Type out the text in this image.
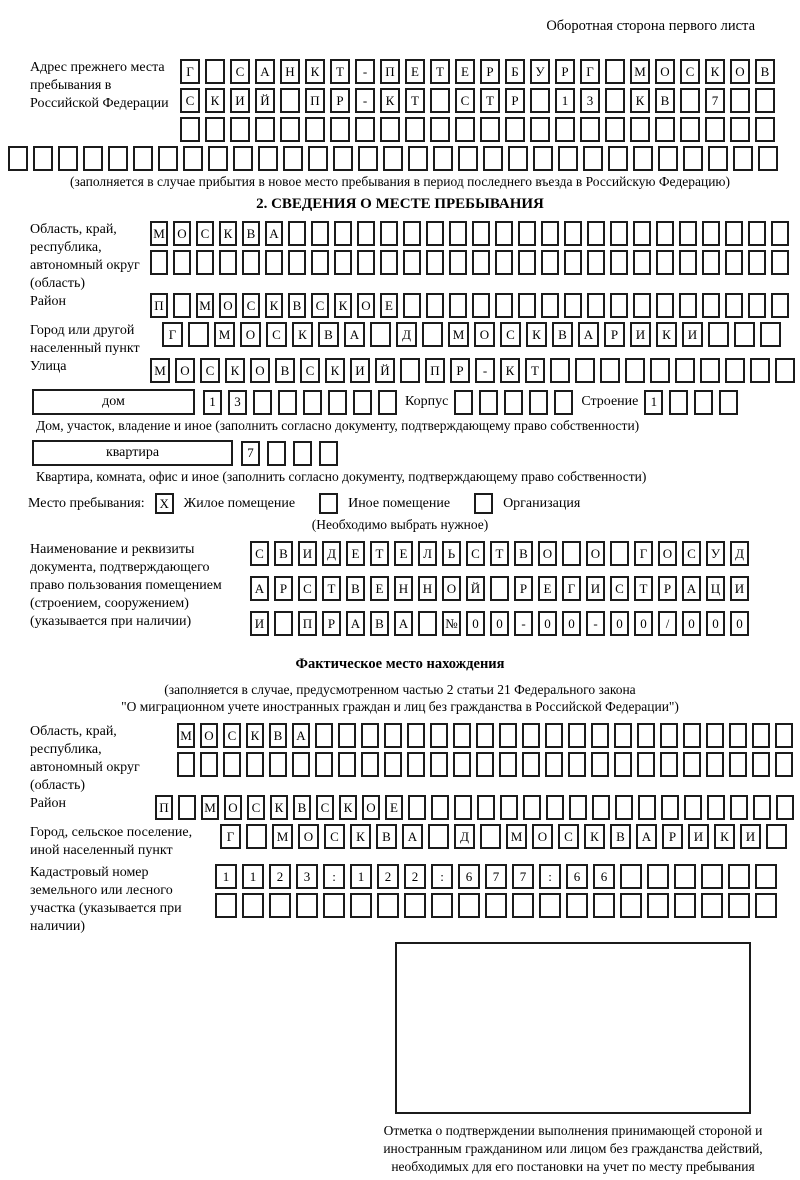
Оборотная сторона первого листа
Адрес прежнего места пребывания в Российской Федерации
Г	С	А	Н	К	Т	-	П	Е	Т	Е	Р	Б	У	Р	Г	М	О	С	К	О	В
С	К	И	Й	П	Р	-	К	Т	С	Т	Р	1	3	К	В	7
(заполняется в случае прибытия в новое место пребывания в период последнего въезда в Российскую Федерацию)
2. СВЕДЕНИЯ О МЕСТЕ ПРЕБЫВАНИЯ
Область, край, республика, автономный округ (область)
М О	С	К	В	А
Район	П	М О	С	К	В	С	К	О	Е
Город или другой населенный пункт
Г	М	О	С	К	В	А	Д	М	О	С	К	В	А	Р	И	К	И
Улица	М	О	С	К	О	В	С	К	И	Й	П	Р	-	К	Т
дом	1	3	Корпус	Строение 1
Дом, участок, владение и иное (заполнить согласно документу, подтверждающему право собственности)
квартира	7
Квартира, комната, офис и иное (заполнить согласно документу, подтверждающему право собственности)
Место пребывания:	X	Жилое помещение	Иное помещение	Организация
(Необходимо выбрать нужное)
Наименование и реквизиты документа, подтверждающего право пользования помещением (строением, сооружением) (указывается при наличии)
С	В	И	Д	Е	Т	Е	Л	Ь	С	Т	В	О	О	Г	О	С	У	Д
А	Р	С	Т	В	Е	Н	Н	О	Й	Р	Е	Г	И	С	Т	Р	А	Ц	И
И	П	Р	А	В	А	№	0	0	-	0	0	-	0	0	/	0	0	0
Фактическое место нахождения
(заполняется в случае, предусмотренном частью 2 статьи 21 Федерального закона
"О миграционном учете иностранных граждан и лиц без гражданства в Российской Федерации")
Область, край, республика, автономный округ (область)
М О	С	К	В	А
Район	П	М О	С	К	В	С	К	О	Е
Город, сельское поселение, иной населенный пункт
Г	М	О	С	К	В	А	Д	М	О	С	К	В	А	Р	И	К	И
Кадастровый номер земельного или лесного участка (указывается при наличии)
1	1	2	3	:	1	2	2	:	6	7	7	:	6	6
Отметка о подтверждении выполнения принимающей стороной и иностранным гражданином или лицом без гражданства действий, необходимых для его постановки на учет по месту пребывания
